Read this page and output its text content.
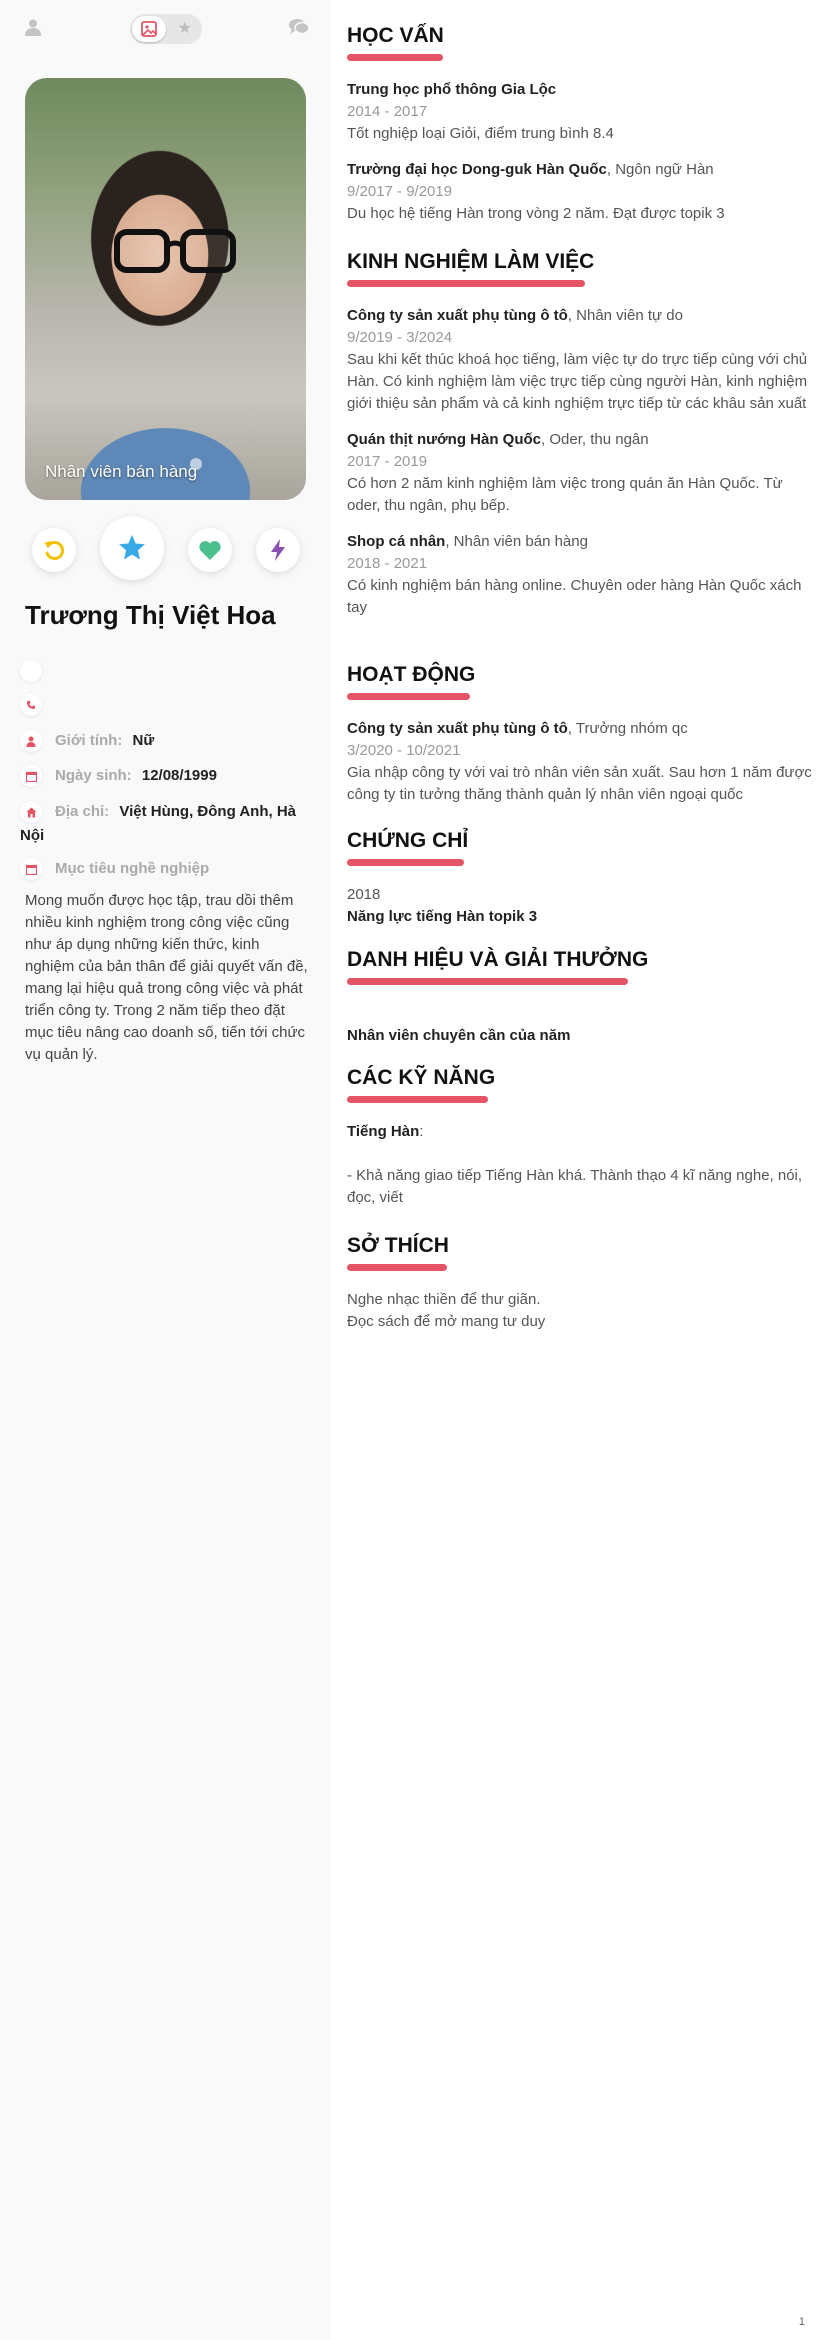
★
Nhân viên bán hàng
Trương Thị Việt Hoa
Giới tính: Nữ
Ngày sinh: 12/08/1999
Địa chỉ: Việt Hùng, Đông Anh, Hà Nội
Mục tiêu nghề nghiệp
Mong muốn được học tập, trau dồi thêm nhiều kinh nghiệm trong công việc cũng như áp dụng những kiến thức, kinh nghiệm của bản thân để giải quyết vấn đề, mang lại hiệu quả trong công việc và phát triển công ty. Trong 2 năm tiếp theo đặt mục tiêu nâng cao doanh số, tiến tới chức vụ quản lý.
HỌC VẤN
Trung học phổ thông Gia Lộc
2014 - 2017
Tốt nghiệp loại Giỏi, điểm trung bình 8.4
Trường đại học Dong-guk Hàn Quốc, Ngôn ngữ Hàn
9/2017 - 9/2019
Du học hệ tiếng Hàn trong vòng 2 năm. Đạt được topik 3
KINH NGHIỆM LÀM VIỆC
Công ty sản xuất phụ tùng ô tô, Nhân viên tự do
9/2019 - 3/2024
Sau khi kết thúc khoá học tiếng, làm việc tự do trực tiếp cùng với chủ Hàn. Có kinh nghiệm làm việc trực tiếp cùng người Hàn, kinh nghiệm giới thiệu sản phẩm và cả kinh nghiệm trực tiếp từ các khâu sản xuất
Quán thịt nướng Hàn Quốc, Oder, thu ngân
2017 - 2019
Có hơn 2 năm kinh nghiệm làm việc trong quán ăn Hàn Quốc. Từ oder, thu ngân, phụ bếp.
Shop cá nhân, Nhân viên bán hàng
2018 - 2021
Có kinh nghiệm bán hàng online. Chuyên oder hàng Hàn Quốc xách tay
HOẠT ĐỘNG
Công ty sản xuất phụ tùng ô tô, Trưởng nhóm qc
3/2020 - 10/2021
Gia nhập công ty với vai trò nhân viên sản xuất. Sau hơn 1 năm được công ty tin tưởng thăng thành quản lý nhân viên ngoại quốc
CHỨNG CHỈ
2018
Năng lực tiếng Hàn topik 3
DANH HIỆU VÀ GIẢI THƯỞNG
Nhân viên chuyên cần của năm
CÁC KỸ NĂNG
Tiếng Hàn:
- Khả năng giao tiếp Tiếng Hàn khá. Thành thạo 4 kĩ năng nghe, nói, đọc, viết
SỞ THÍCH
Nghe nhạc thiền để thư giãn.
Đọc sách để mở mang tư duy
1
